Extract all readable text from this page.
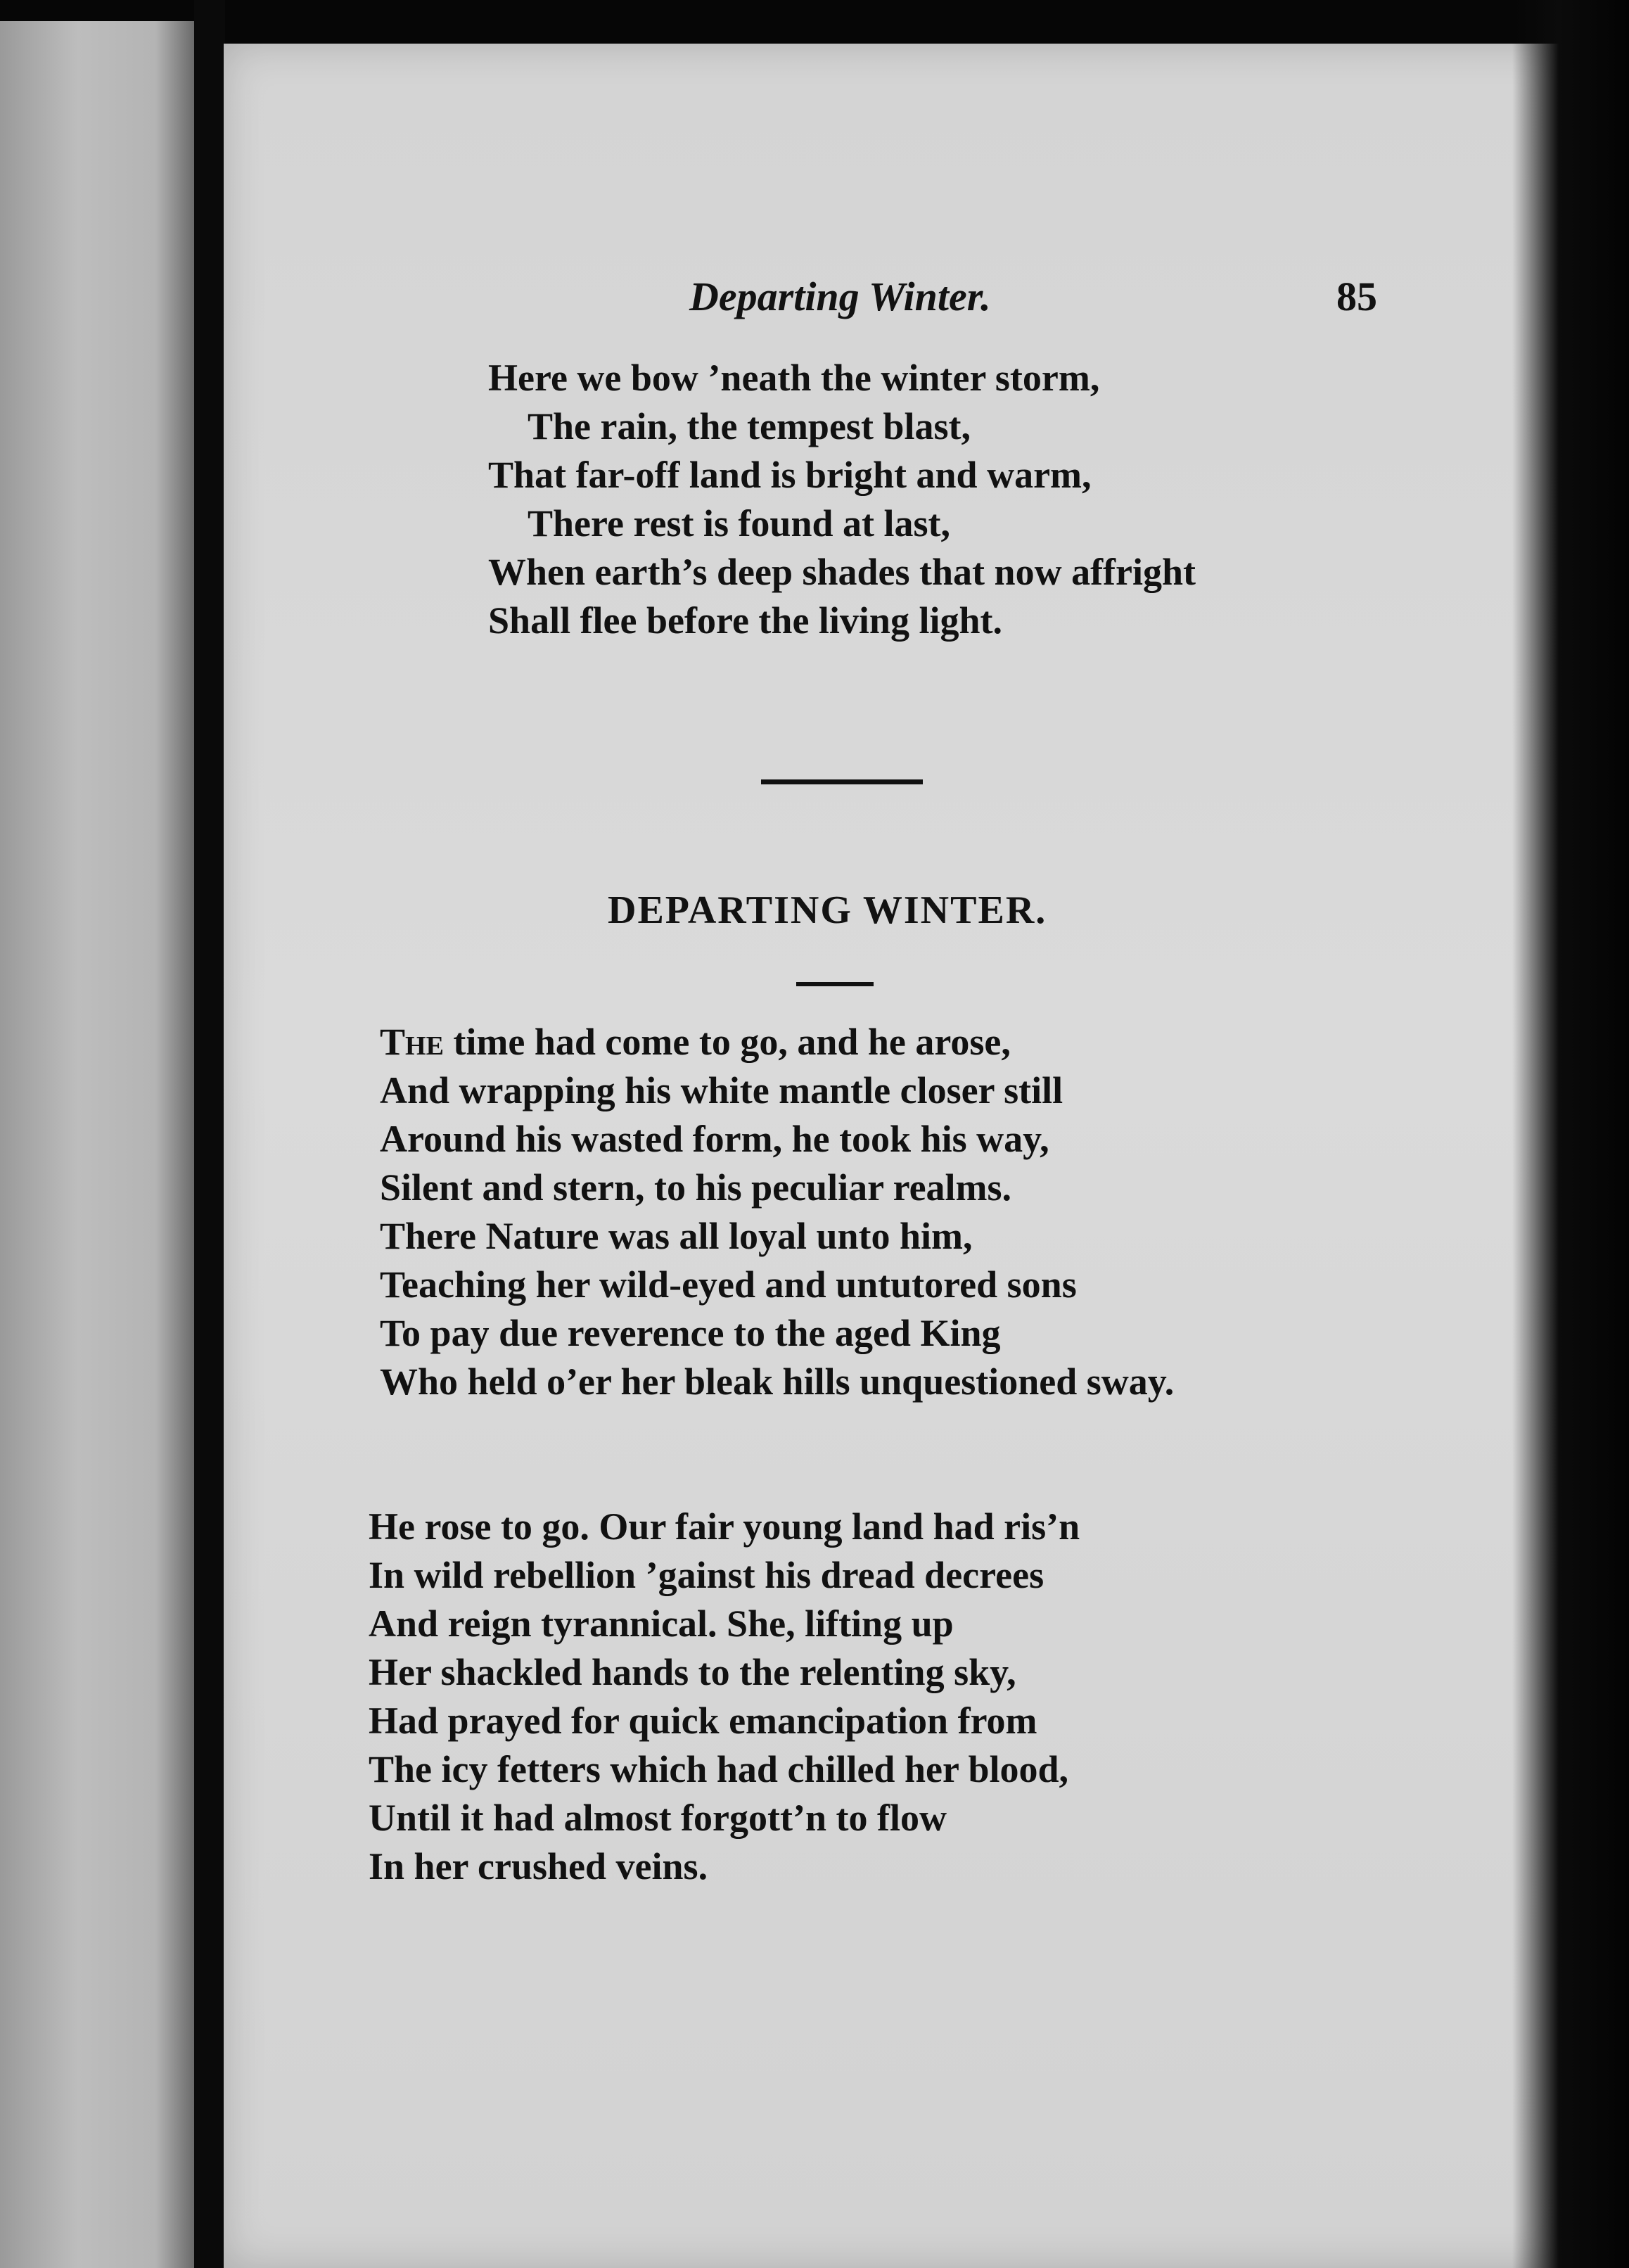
Departing Winter.	85
Here we bow ’neath the winter storm,
The rain, the tempest blast,
That far-off land is bright and warm,
There rest is found at last,
When earth’s deep shades that now affright
Shall flee before the living light.
DEPARTING WINTER.
The time had come to go, and he arose,
And wrapping his white mantle closer still
Around his wasted form, he took his way,
Silent and stern, to his peculiar realms.
There Nature was all loyal unto him,
Teaching her wild-eyed and untutored sons
To pay due reverence to the aged King
Who held o’er her bleak hills unquestioned sway.
He rose to go. Our fair young land had ris’n
In wild rebellion ’gainst his dread decrees
And reign tyrannical. She, lifting up
Her shackled hands to the relenting sky,
Had prayed for quick emancipation from
The icy fetters which had chilled her blood,
Until it had almost forgott’n to flow
In her crushed veins.
